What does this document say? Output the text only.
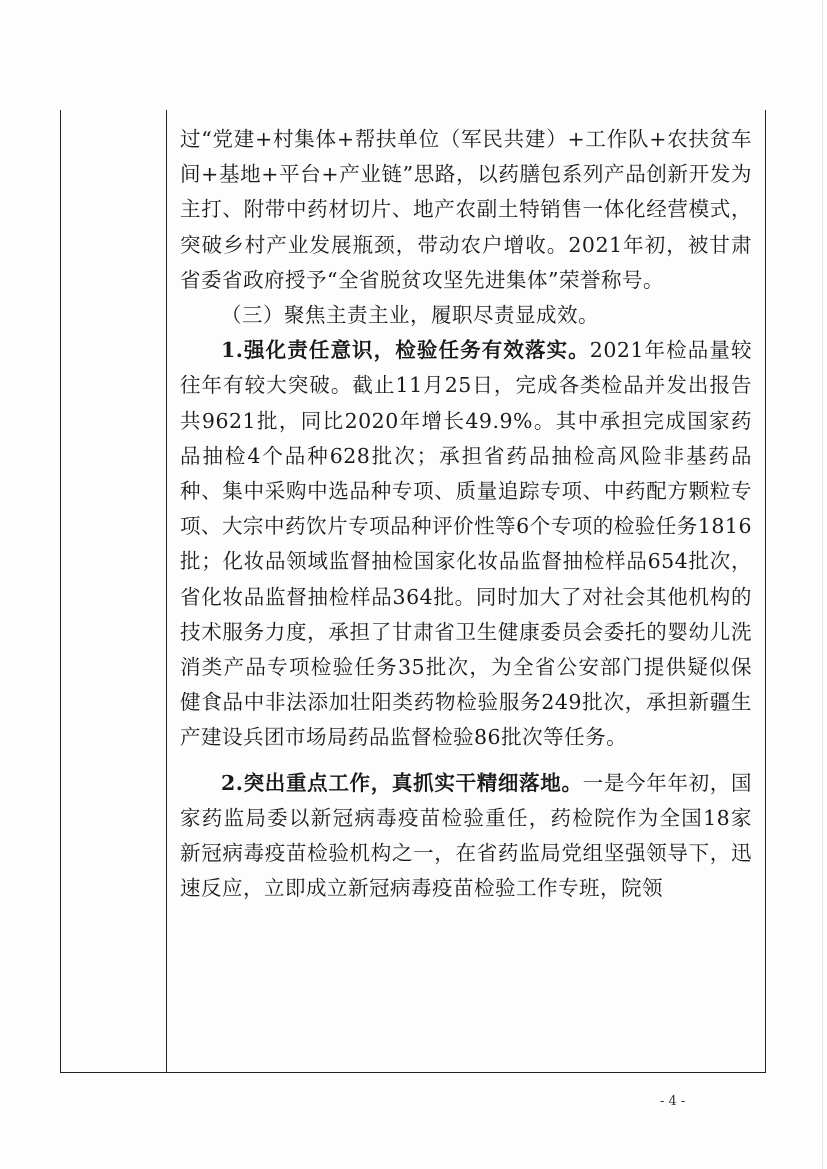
过“党建+村集体+帮扶单位（军民共建）+工作队+农扶贫车间+基地+平台+产业链”思路，以药膳包系列产品创新开发为主打、附带中药材切片、地产农副土特销售一体化经营模式，突破乡村产业发展瓶颈，带动农户增收。2021年初，被甘肃省委省政府授予“全省脱贫攻坚先进集体”荣誉称号。

（三）聚焦主责主业，履职尽责显成效。

1.强化责任意识，检验任务有效落实。2021年检品量较往年有较大突破。截止11月25日，完成各类检品并发出报告共9621批，同比2020年增长49.9%。其中承担完成国家药品抽检4个品种628批次；承担省药品抽检高风险非基药品种、集中采购中选品种专项、质量追踪专项、中药配方颗粒专项、大宗中药饮片专项品种评价性等6个专项的检验任务1816批；化妆品领域监督抽检国家化妆品监督抽检样品654批次，省化妆品监督抽检样品364批。同时加大了对社会其他机构的技术服务力度，承担了甘肃省卫生健康委员会委托的婴幼儿洗消类产品专项检验任务35批次，为全省公安部门提供疑似保健食品中非法添加壮阳类药物检验服务249批次，承担新疆生产建设兵团市场局药品监督检验86批次等任务。

2.突出重点工作，真抓实干精细落地。一是今年年初，国家药监局委以新冠病毒疫苗检验重任，药检院作为全国18家新冠病毒疫苗检验机构之一，在省药监局党组坚强领导下，迅速反应，立即成立新冠病毒疫苗检验工作专班，院领

- 4 -
